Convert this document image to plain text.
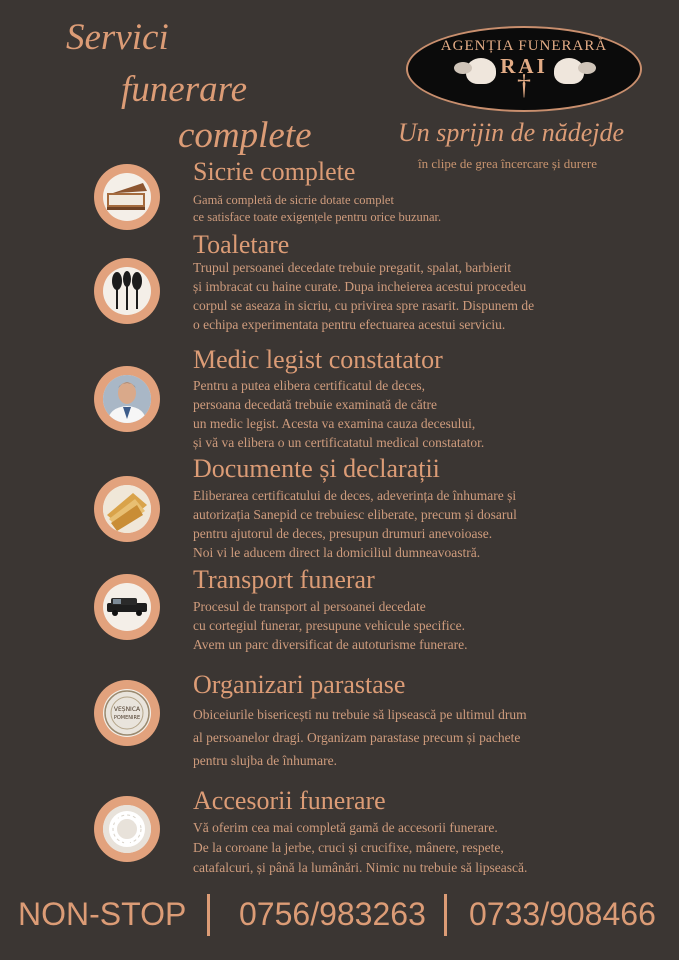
Servici
funerare
complete
AGENȚIA FUNERARĂ
RAI
†
Un sprijin de nădejde
în clipe de grea încercare și durere
Sicrie complete
Gamă completă de sicrie dotate complet
ce satisface toate exigențele pentru orice buzunar.
Toaletare
Trupul persoanei decedate trebuie pregatit, spalat, barbierit
și imbracat cu haine curate. Dupa incheierea acestui procedeu
corpul se aseaza in sicriu, cu privirea spre rasarit. Dispunem de
o echipa experimentata pentru efectuarea acestui serviciu.
Medic legist constatator
Pentru a putea elibera certificatul de deces,
persoana decedată trebuie examinată de către
un medic legist. Acesta va examina cauza decesului,
și vă va elibera o un certificatatul medical constatator.
Documente și declarații
Eliberarea certificatului de deces, adeverința de înhumare și
autorizația Sanepid ce trebuiesc eliberate, precum și dosarul
pentru ajutorul de deces, presupun drumuri anevoioase.
Noi vi le aducem direct la domiciliul dumneavoastră.
Transport funerar
Procesul de transport al persoanei decedate
cu cortegiul funerar, presupune vehicule specifice.
Avem un parc diversificat de autoturisme funerare.
VEȘNICA
POMENIRE
Organizari parastase
Obiceiurile bisericești nu trebuie să lipsească pe ultimul drum
al persoanelor dragi. Organizam parastase precum și pachete
pentru slujba de înhumare.
Accesorii funerare
Vă oferim cea mai completă gamă de accesorii funerare.
De la coroane la jerbe, cruci și crucifixe, mânere, respete,
catafalcuri, și până la lumânări. Nimic nu trebuie să lipsească.
NON-STOP 0756/983263 0733/908466
